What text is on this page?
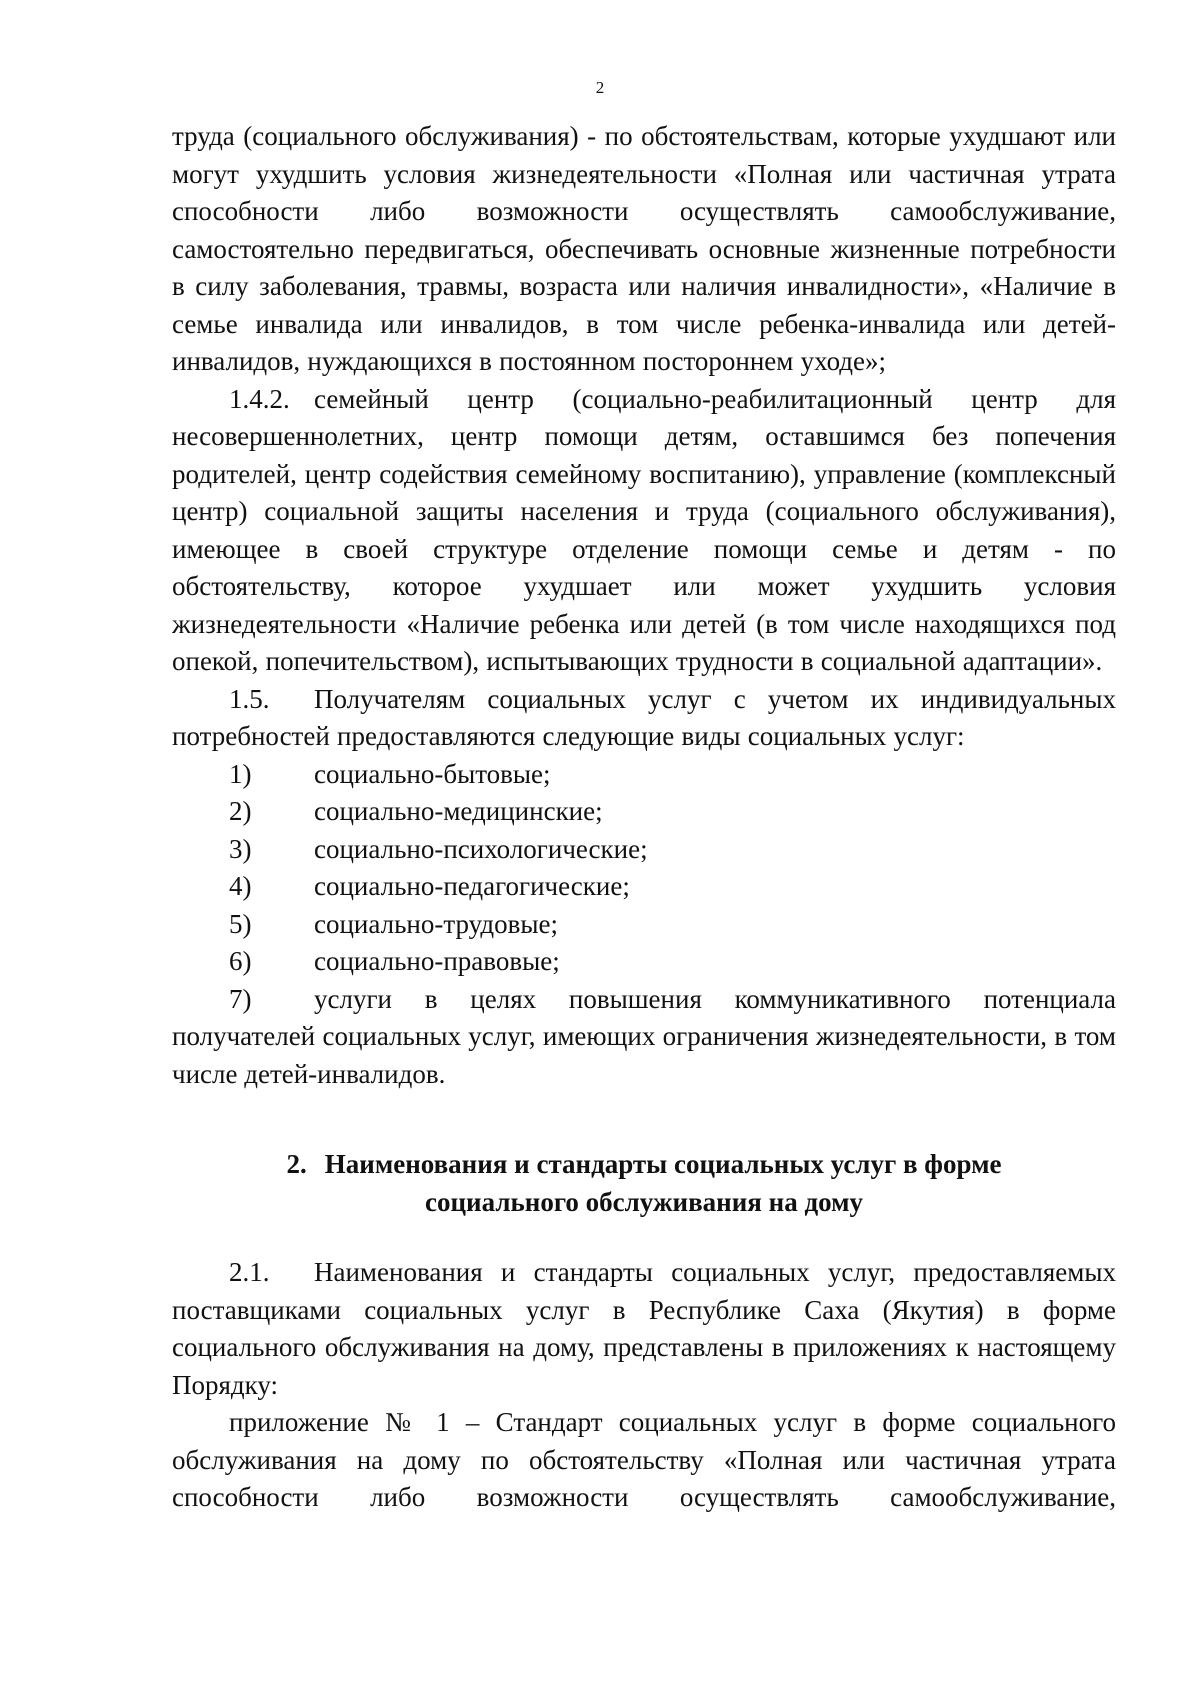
2

труда (социального обслуживания) - по обстоятельствам, которые ухудшают или могут ухудшить условия жизнедеятельности «Полная или частичная утрата способности либо возможности осуществлять самообслуживание, самостоятельно передвигаться, обеспечивать основные жизненные потребности в силу заболевания, травмы, возраста или наличия инвалидности», «Наличие в семье инвалида или инвалидов, в том числе ребенка-инвалида или детей-инвалидов, нуждающихся в постоянном постороннем уходе»;

1.4.2. семейный центр (социально-реабилитационный центр для несовершеннолетних, центр помощи детям, оставшимся без попечения родителей, центр содействия семейному воспитанию), управление (комплексный центр) социальной защиты населения и труда (социального обслуживания), имеющее в своей структуре отделение помощи семье и детям - по обстоятельству, которое ухудшает или может ухудшить условия жизнедеятельности «Наличие ребенка или детей (в том числе находящихся под опекой, попечительством), испытывающих трудности в социальной адаптации».

1.5. Получателям социальных услуг с учетом их индивидуальных потребностей предоставляются следующие виды социальных услуг:

1) социально-бытовые;

2) социально-медицинские;

3) социально-психологические;

4) социально-педагогические;

5) социально-трудовые;

6) социально-правовые;

7) услуги в целях повышения коммуникативного потенциала получателей социальных услуг, имеющих ограничения жизнедеятельности, в том числе детей-инвалидов.

2. Наименования и стандарты социальных услуг в форме
социального обслуживания на дому

2.1. Наименования и стандарты социальных услуг, предоставляемых поставщиками социальных услуг в Республике Саха (Якутия) в форме социального обслуживания на дому, представлены в приложениях к настоящему Порядку:

приложение № 1 – Стандарт социальных услуг в форме социального обслуживания на дому по обстоятельству «Полная или частичная утрата способности либо возможности осуществлять самообслуживание,
